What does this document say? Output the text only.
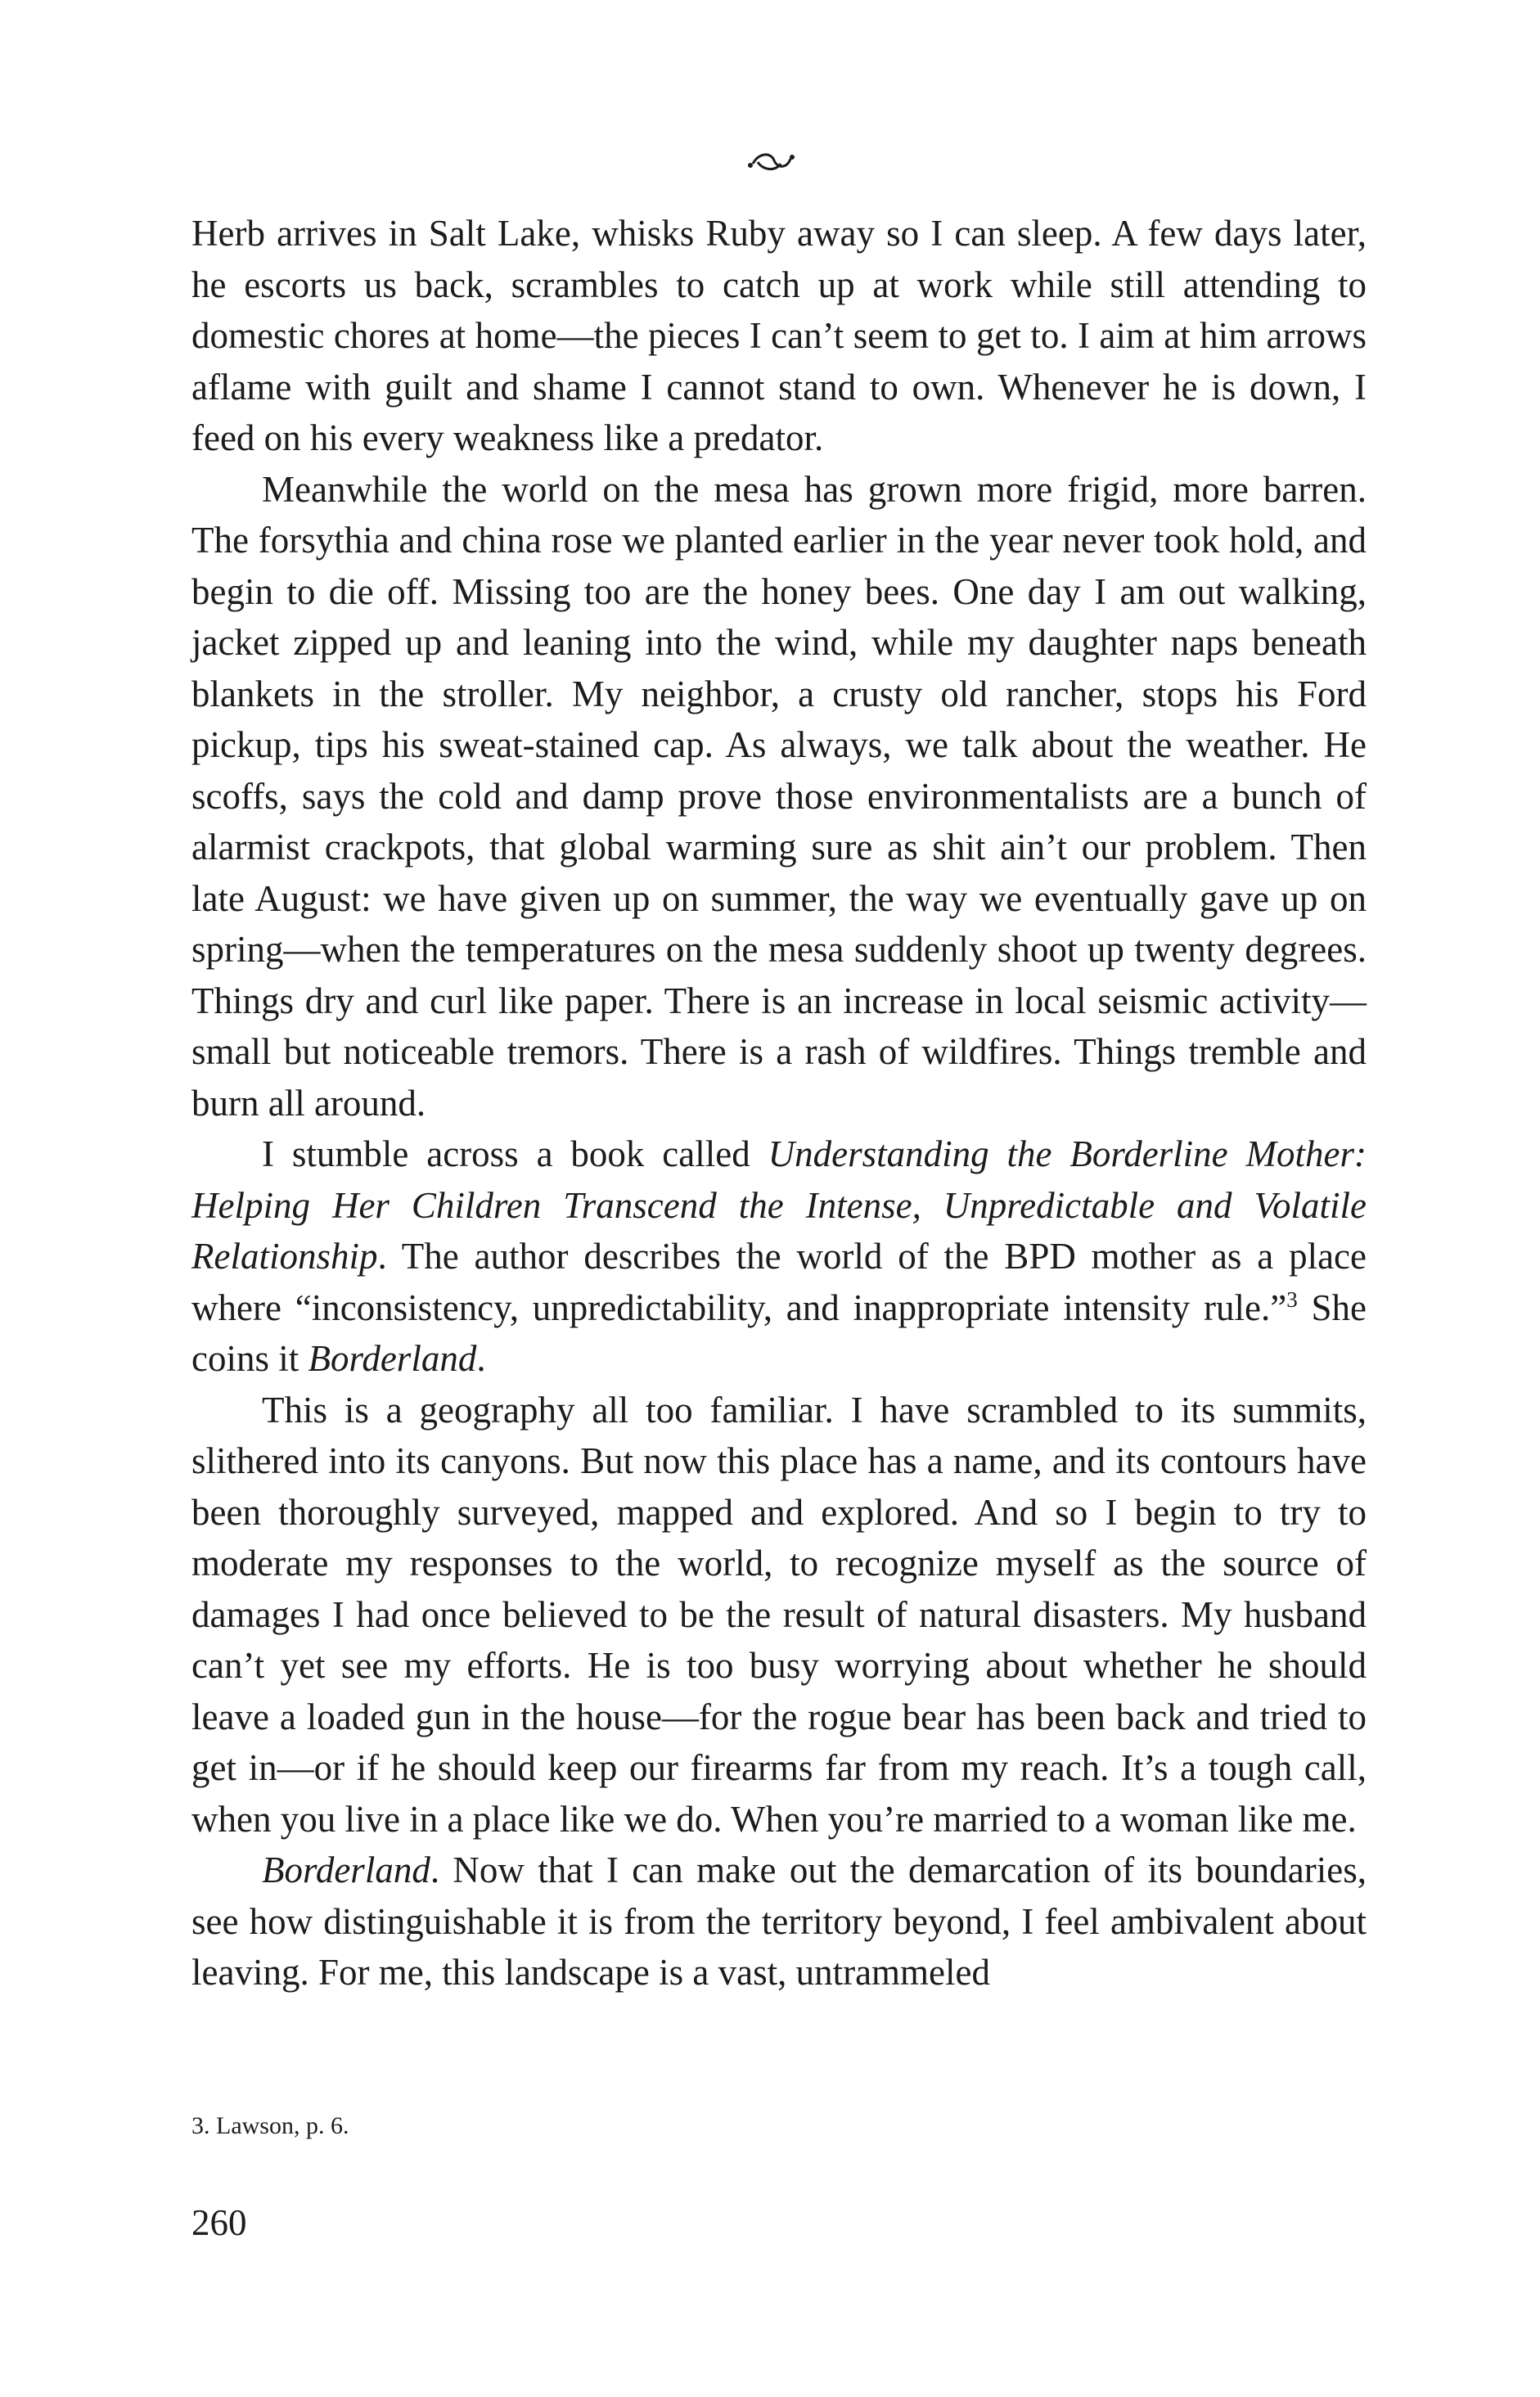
Herb arrives in Salt Lake, whisks Ruby away so I can sleep. A few days later, he escorts us back, scrambles to catch up at work while still attending to domestic chores at home—the pieces I can’t seem to get to. I aim at him arrows aflame with guilt and shame I cannot stand to own. Whenever he is down, I feed on his every weakness like a predator.

Meanwhile the world on the mesa has grown more frigid, more barren. The forsythia and china rose we planted earlier in the year never took hold, and begin to die off. Missing too are the honey bees. One day I am out walking, jacket zipped up and leaning into the wind, while my daughter naps beneath blankets in the stroller. My neighbor, a crusty old rancher, stops his Ford pickup, tips his sweat-stained cap. As always, we talk about the weather. He scoffs, says the cold and damp prove those environmentalists are a bunch of alarmist crackpots, that global warming sure as shit ain’t our problem. Then late August: we have given up on summer, the way we eventually gave up on spring—when the temperatures on the mesa suddenly shoot up twenty degrees. Things dry and curl like paper. There is an increase in local seismic activity—small but noticeable tremors. There is a rash of wildfires. Things tremble and burn all around.

I stumble across a book called Understanding the Borderline Mother: Helping Her Children Transcend the Intense, Unpredictable and Volatile Relationship. The author describes the world of the BPD mother as a place where “inconsistency, unpredictability, and inappropriate intensity rule.”$^3$ She coins it Borderland.

This is a geography all too familiar. I have scrambled to its summits, slithered into its canyons. But now this place has a name, and its contours have been thoroughly surveyed, mapped and explored. And so I begin to try to moderate my responses to the world, to recognize myself as the source of damages I had once believed to be the result of natural disasters. My husband can’t yet see my efforts. He is too busy worrying about whether he should leave a loaded gun in the house—for the rogue bear has been back and tried to get in—or if he should keep our firearms far from my reach. It’s a tough call, when you live in a place like we do. When you’re married to a woman like me.

Borderland. Now that I can make out the demarcation of its boundaries, see how distinguishable it is from the territory beyond, I feel ambivalent about leaving. For me, this landscape is a vast, untrammeled

3. Lawson, p. 6.
260
